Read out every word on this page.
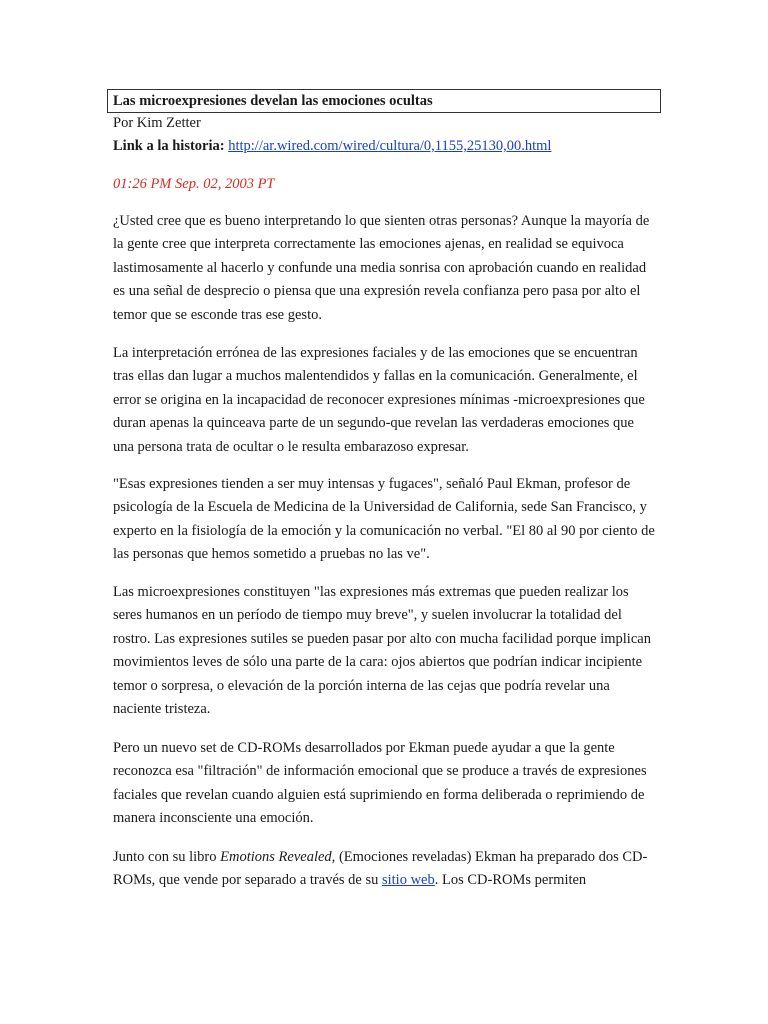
Las microexpresiones develan las emociones ocultas
Por Kim Zetter
Link a la historia: http://ar.wired.com/wired/cultura/0,1155,25130,00.html
01:26 PM Sep. 02, 2003 PT
¿Usted cree que es bueno interpretando lo que sienten otras personas? Aunque la mayoría de la gente cree que interpreta correctamente las emociones ajenas, en realidad se equivoca lastimosamente al hacerlo y confunde una media sonrisa con aprobación cuando en realidad es una señal de desprecio o piensa que una expresión revela confianza pero pasa por alto el temor que se esconde tras ese gesto.
La interpretación errónea de las expresiones faciales y de las emociones que se encuentran tras ellas dan lugar a muchos malentendidos y fallas en la comunicación. Generalmente, el error se origina en la incapacidad de reconocer expresiones mínimas -microexpresiones que duran apenas la quinceava parte de un segundo-que revelan las verdaderas emociones que una persona trata de ocultar o le resulta embarazoso expresar.
"Esas expresiones tienden a ser muy intensas y fugaces", señaló Paul Ekman, profesor de psicología de la Escuela de Medicina de la Universidad de California, sede San Francisco, y experto en la fisiología de la emoción y la comunicación no verbal. "El 80 al 90 por ciento de las personas que hemos sometido a pruebas no las ve".
Las microexpresiones constituyen "las expresiones más extremas que pueden realizar los seres humanos en un período de tiempo muy breve", y suelen involucrar la totalidad del rostro. Las expresiones sutiles se pueden pasar por alto con mucha facilidad porque implican movimientos leves de sólo una parte de la cara: ojos abiertos que podrían indicar incipiente temor o sorpresa, o elevación de la porción interna de las cejas que podría revelar una naciente tristeza.
Pero un nuevo set de CD-ROMs desarrollados por Ekman puede ayudar a que la gente reconozca esa "filtración" de información emocional que se produce a través de expresiones faciales que revelan cuando alguien está suprimiendo en forma deliberada o reprimiendo de manera inconsciente una emoción.
Junto con su libro Emotions Revealed, (Emociones reveladas) Ekman ha preparado dos CD-ROMs, que vende por separado a través de su sitio web. Los CD-ROMs permiten
